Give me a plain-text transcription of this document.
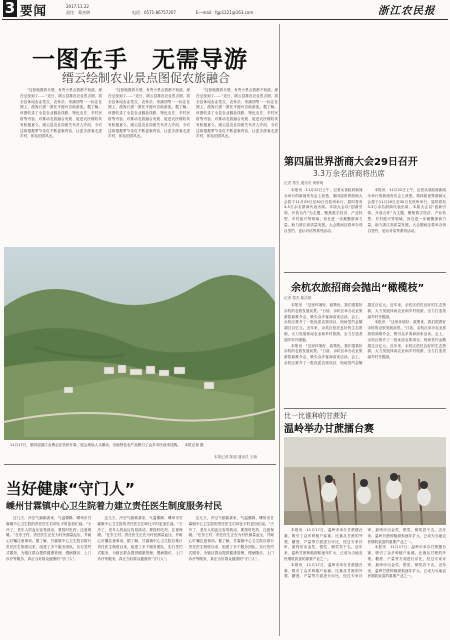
3 要闻	2017.11.22
责任：郑杰明	电话：0571-86757207	E—mail：fgp1221@163.com	浙江农民报
一图在手　无需导游
缙云绘制农业景点图促农旅融合

“这张地图真方便，有些小景点我都不知道，现在全找到了……”近日，缙云县推出农业景点图，将全县休闲农业景点、农家乐、采摘园等一一标注在图上，游客只需一图在手便可自助游览。据了解，该图收录了全县农业精品线路、特色农庄、乡村民宿等内容，对推动农旅融合发展、促进农民增收具有积极意义。缙云县农业局相关负责人介绍，今后还将根据季节变化不断更新内容，让更多游客走进乡村、体验田园风光。

“这张地图真方便，有些小景点我都不知道，现在全找到了……”近日，缙云县推出农业景点图，将全县休闲农业景点、农家乐、采摘园等一一标注在图上，游客只需一图在手便可自助游览。据了解，该图收录了全县农业精品线路、特色农庄、乡村民宿等内容，对推动农旅融合发展、促进农民增收具有积极意义。缙云县农业局相关负责人介绍，今后还将根据季节变化不断更新内容，让更多游客走进乡村、体验田园风光。

“这张地图真方便，有些小景点我都不知道，现在全找到了……”近日，缙云县推出农业景点图，将全县休闲农业景点、农家乐、采摘园等一一标注在图上，游客只需一图在手便可自助游览。据了解，该图收录了全县农业精品线路、特色农庄、乡村民宿等内容，对推动农旅融合发展、促进农民增收具有积极意义。缙云县农业局相关负责人介绍，今后还将根据季节变化不断更新内容，让更多游客走进乡村、体验田园风光。

11月17日，第四届浙江农博会在杭州开幕，展会现场人头攒动，各地特色农产品吸引了众多市民前来选购。　本报记者 摄
本报记者 陈丽 通讯员 王晓
当好健康“守门人”
嵊州甘霖镇中心卫生院着力建立责任医生制度服务村民

这几天，冷空气频频袭来，气温骤降，嵊州市甘霖镇中心卫生院的责任医生们却比平时更加忙碌。“天冷了，老年人的血压容易波动，要按时吃药，注意保暖。”在东王村，责任医生正在为村民测量血压，并耐心叮嘱注意事项。据了解，甘霖镇中心卫生院自推行责任医生制度以来，组建了多个服务团队，实行签约式服务，为辖区群众提供健康管理、慢病随访、上门诊疗等服务，真正当好群众健康的“守门人”。

这几天，冷空气频频袭来，气温骤降，嵊州市甘霖镇中心卫生院的责任医生们却比平时更加忙碌。“天冷了，老年人的血压容易波动，要按时吃药，注意保暖。”在东王村，责任医生正在为村民测量血压，并耐心叮嘱注意事项。据了解，甘霖镇中心卫生院自推行责任医生制度以来，组建了多个服务团队，实行签约式服务，为辖区群众提供健康管理、慢病随访、上门诊疗等服务，真正当好群众健康的“守门人”。

这几天，冷空气频频袭来，气温骤降，嵊州市甘霖镇中心卫生院的责任医生们却比平时更加忙碌。“天冷了，老年人的血压容易波动，要按时吃药，注意保暖。”在东王村，责任医生正在为村民测量血压，并耐心叮嘱注意事项。据了解，甘霖镇中心卫生院自推行责任医生制度以来，组建了多个服务团队，实行签约式服务，为辖区群众提供健康管理、慢病随访、上门诊疗等服务，真正当好群众健康的“守门人”。

第四届世界浙商大会29日召开
3.3万余名浙商将出席
记者 郑杰 通讯员 黄维明

本报讯　11月22日上午，记者从省政府新闻办举行的新闻发布会上获悉，第四届世界浙商大会将于11月29日至30日在杭州举行，届时将有3.3万余名浙商代表出席。本届大会以“创新引领，开放合作”为主题，聚焦数字经济、产业转型、乡村振兴等领域，旨在进一步凝聚浙商力量，助力浙江高质量发展。大会期间还将举办项目签约、论坛对话等系列活动。

本报讯　11月22日上午，记者从省政府新闻办举行的新闻发布会上获悉，第四届世界浙商大会将于11月29日至30日在杭州举行，届时将有3.3万余名浙商代表出席。本届大会以“创新引领，开放合作”为主题，聚焦数字经济、产业转型、乡村振兴等领域，旨在进一步凝聚浙商力量，助力浙江高质量发展。大会期间还将举办项目签约、论坛对话等系列活动。

余杭农旅招商会抛出“橄榄枝”
记者 郑杰 陈洁维

本报讯　“这里环境好、政策优，我们很看好余杭的农旅发展前景。”日前，余杭区举办农业旅游招商推介会，吸引众多客商前来洽谈。会上，余杭区推介了一批优质农旅项目，现场签约金额超过百亿元。近年来，余杭区依托良好的生态资源，大力发展休闲农业和乡村旅游，全力打造美丽乡村升级版。

本报讯　“这里环境好、政策优，我们很看好余杭的农旅发展前景。”日前，余杭区举办农业旅游招商推介会，吸引众多客商前来洽谈。会上，余杭区推介了一批优质农旅项目，现场签约金额超过百亿元。近年来，余杭区依托良好的生态资源，大力发展休闲农业和乡村旅游，全力打造美丽乡村升级版。

本报讯　“这里环境好、政策优，我们很看好余杭的农旅发展前景。”日前，余杭区举办农业旅游招商推介会，吸引众多客商前来洽谈。会上，余杭区推介了一批优质农旅项目，现场签约金额超过百亿元。近年来，余杭区依托良好的生态资源，大力发展休闲农业和乡村旅游，全力打造美丽乡村升级版。

比一比谁种的甘蔗好
温岭举办甘蔗擂台赛

本报讯　11月17日，温岭市举办甘蔗擂台赛，吸引了众多种植户参赛。比赛从甘蔗的外观、糖度、产量等方面进行评比，经过专家评审，最终评出金奖、银奖、铜奖若干名。近年来，温岭甘蔗种植面积逐年扩大，已成为当地农民增收致富的重要产业之一。

本报讯　11月17日，温岭市举办甘蔗擂台赛，吸引了众多种植户参赛。比赛从甘蔗的外观、糖度、产量等方面进行评比，经过专家评审，最终评出金奖、银奖、铜奖若干名。近年来，温岭甘蔗种植面积逐年扩大，已成为当地农民增收致富的重要产业之一。

本报讯　11月17日，温岭市举办甘蔗擂台赛，吸引了众多种植户参赛。比赛从甘蔗的外观、糖度、产量等方面进行评比，经过专家评审，最终评出金奖、银奖、铜奖若干名。近年来，温岭甘蔗种植面积逐年扩大，已成为当地农民增收致富的重要产业之一。
